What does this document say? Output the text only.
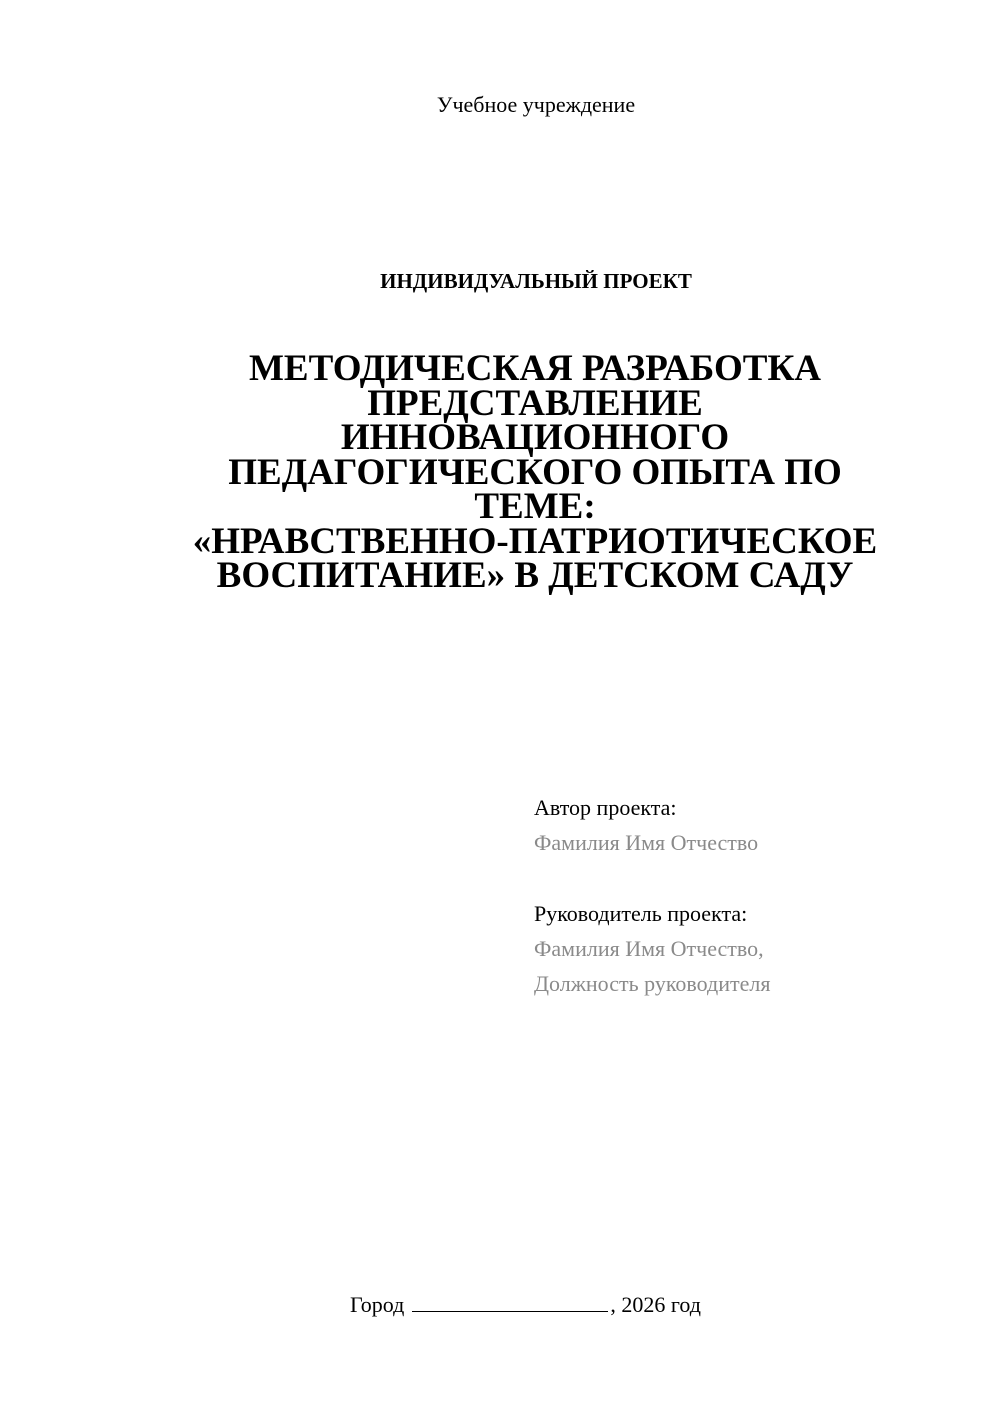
Учебное учреждение
ИНДИВИДУАЛЬНЫЙ ПРОЕКТ
МЕТОДИЧЕСКАЯ РАЗРАБОТКА
ПРЕДСТАВЛЕНИЕ
ИННОВАЦИОННОГО
ПЕДАГОГИЧЕСКОГО ОПЫТА ПО
ТЕМЕ:
«НРАВСТВЕННО-ПАТРИОТИЧЕСКОЕ
ВОСПИТАНИЕ» В ДЕТСКОМ САДУ
Автор проекта:
Фамилия Имя Отчество
Руководитель проекта:
Фамилия Имя Отчество,
Должность руководителя
Город	, 2026 год
